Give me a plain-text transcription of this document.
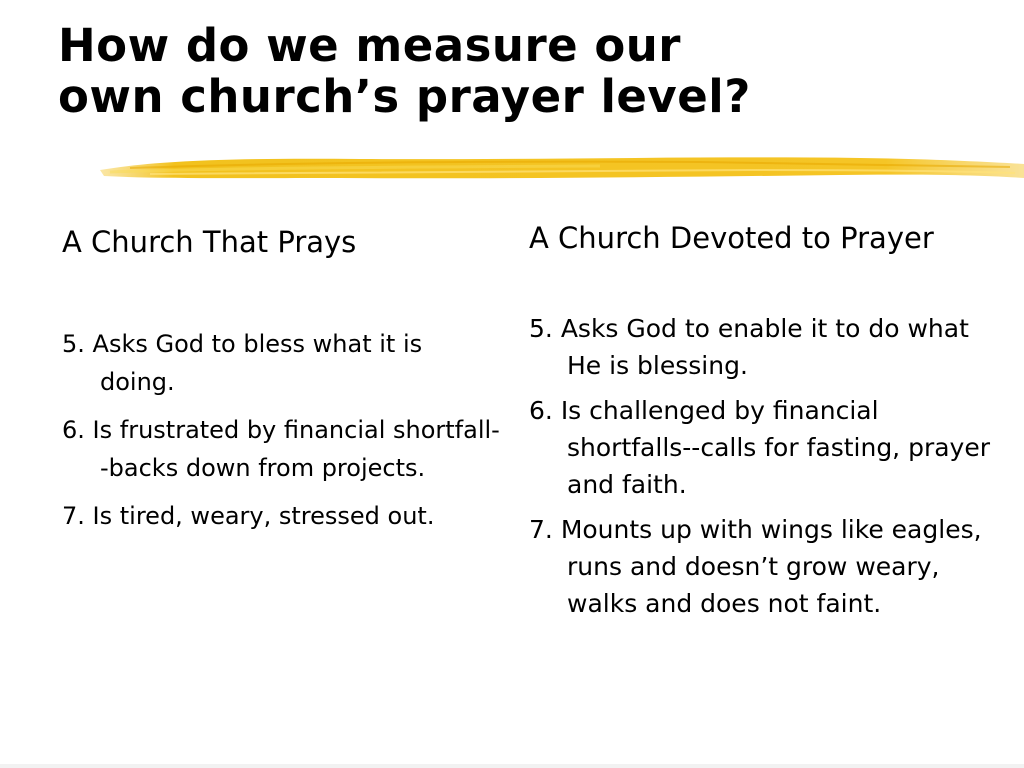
How do we measure our
own church’s prayer level?
A Church That Prays
5. Asks God to bless what it is doing.
6. Is frustrated by financial shortfall--backs down from projects.
7. Is tired, weary, stressed out.
A Church Devoted to Prayer
5. Asks God to enable it to do what He is blessing.
6. Is challenged by financial shortfalls--calls for fasting, prayer and faith.
7. Mounts up with wings like eagles, runs and doesn’t grow weary, walks and does not faint.
